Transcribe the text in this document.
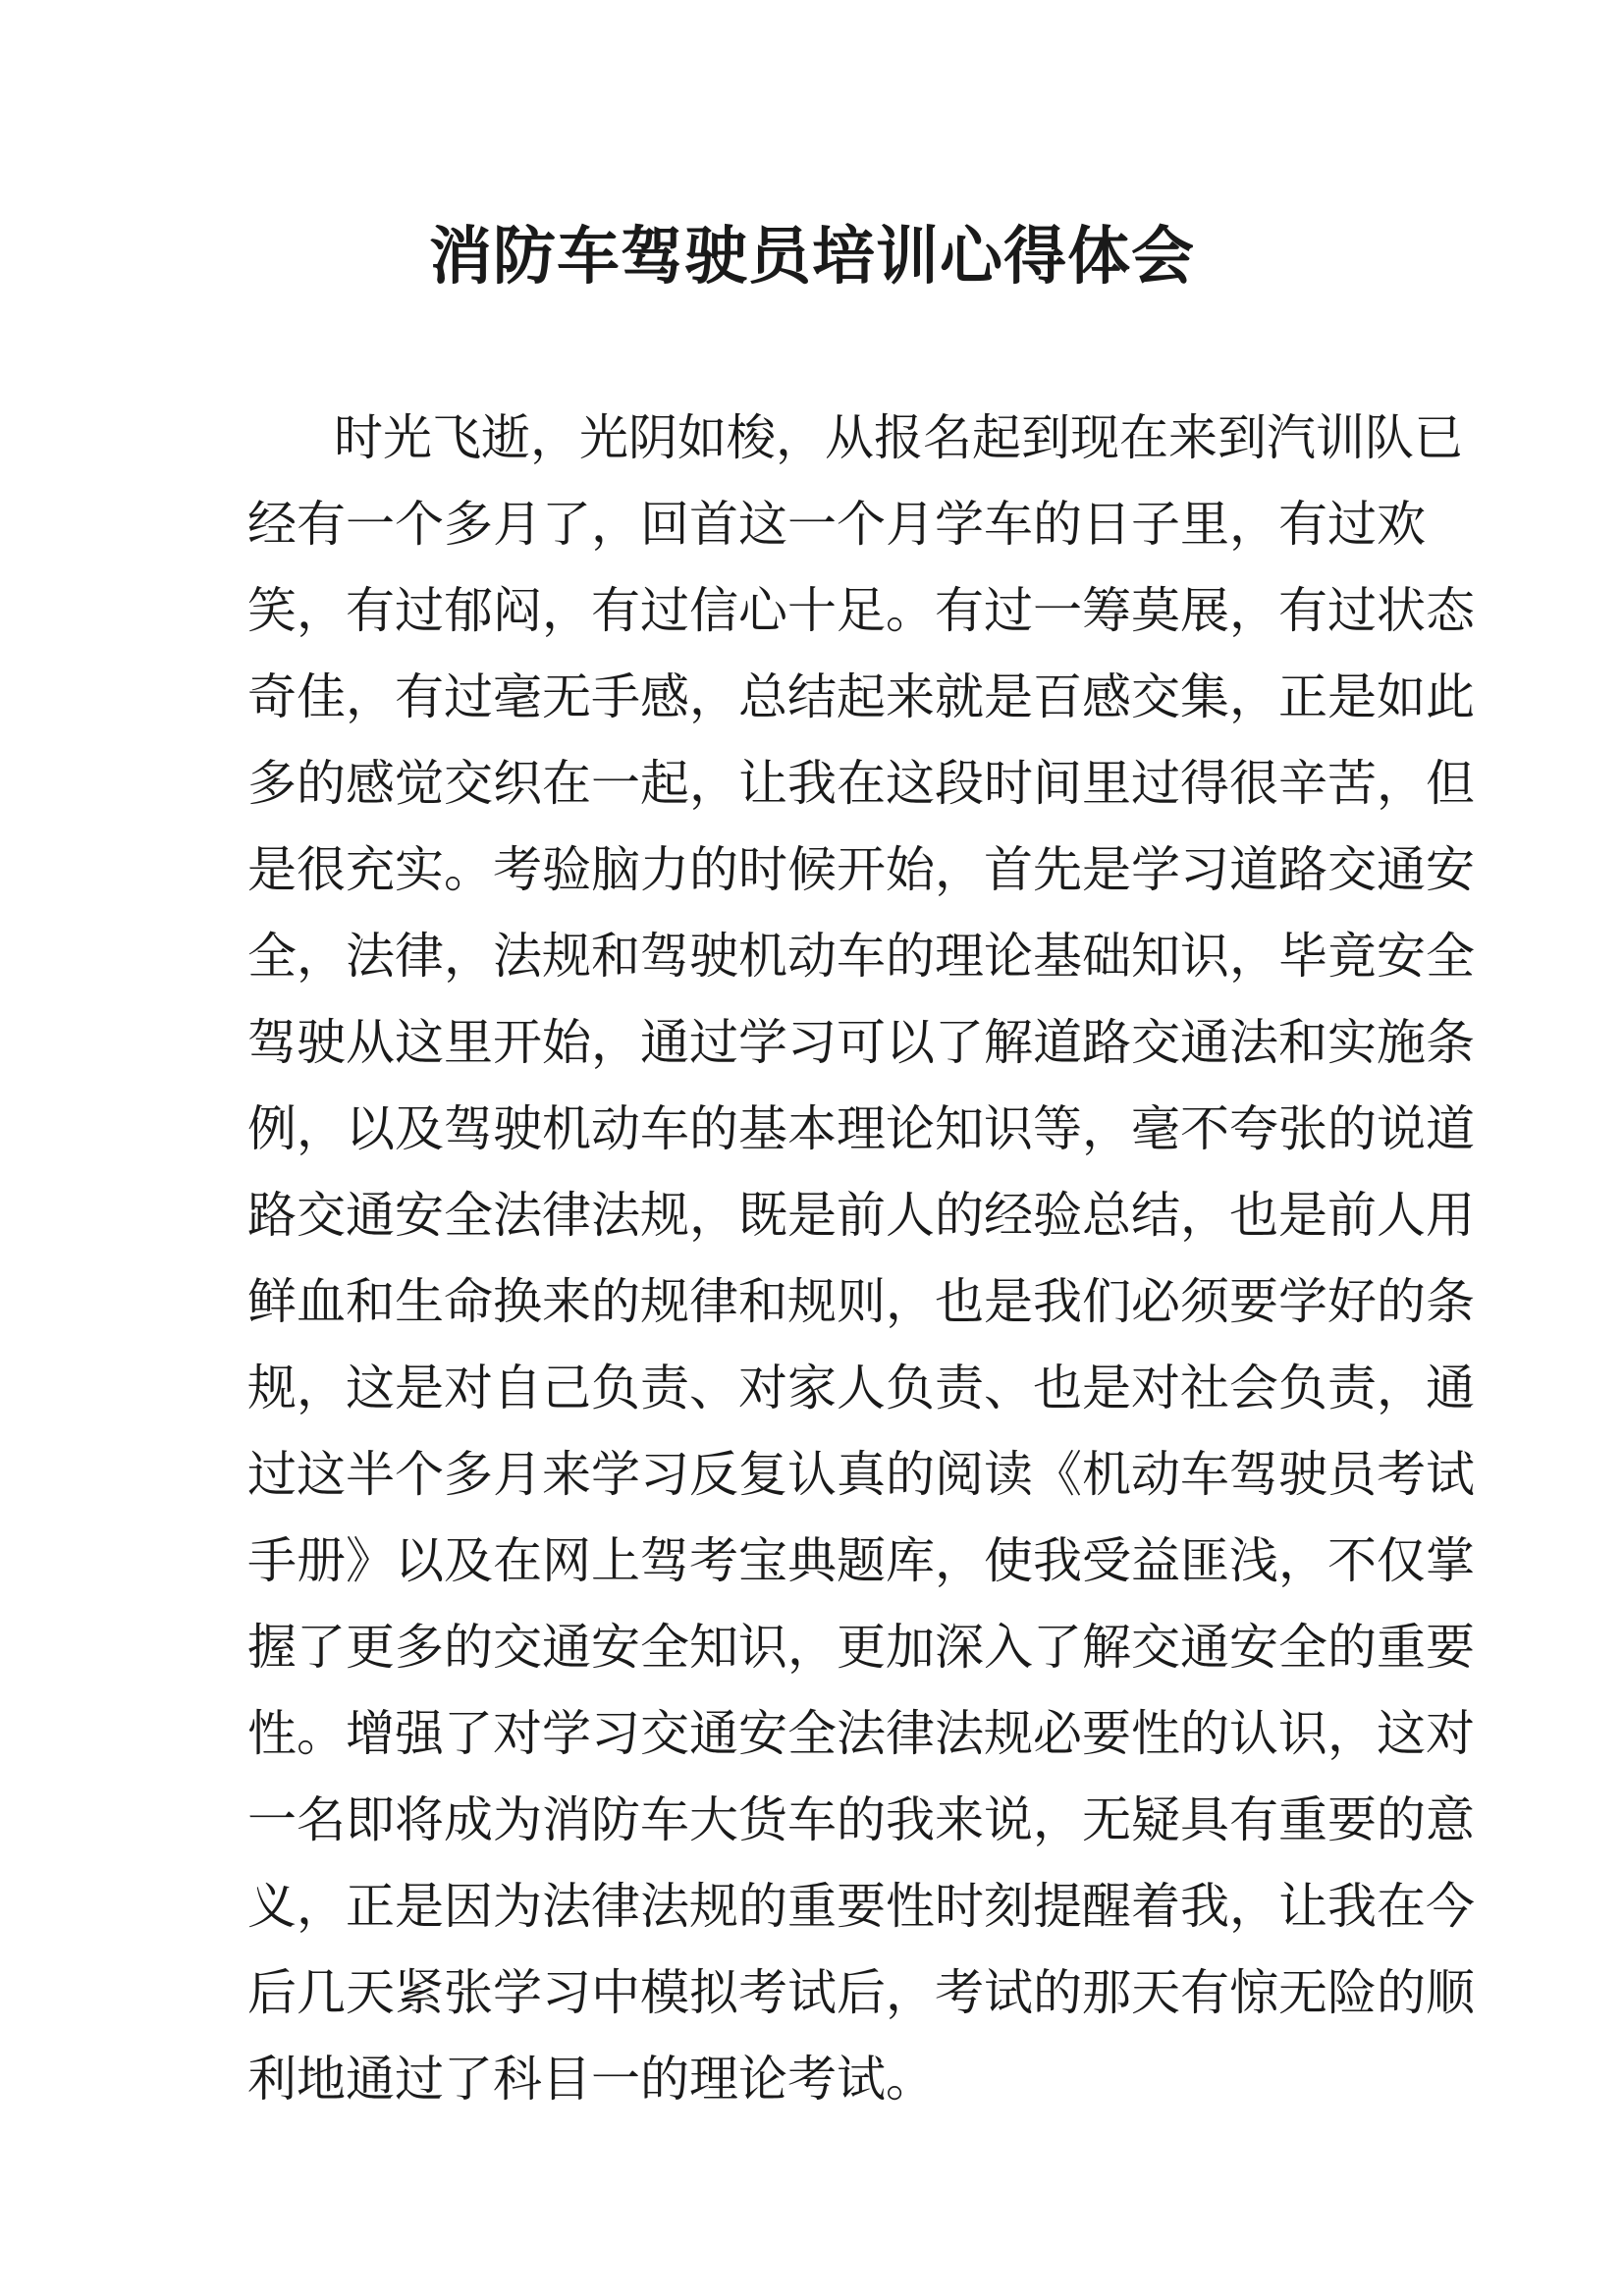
消防车驾驶员培训心得体会
时光飞逝，光阴如梭，从报名起到现在来到汽训队已
经有一个多月了，回首这一个月学车的日子里，有过欢
笑，有过郁闷，有过信心十足。有过一筹莫展，有过状态
奇佳，有过毫无手感，总结起来就是百感交集，正是如此
多的感觉交织在一起，让我在这段时间里过得很辛苦，但
是很充实。考验脑力的时候开始，首先是学习道路交通安
全，法律，法规和驾驶机动车的理论基础知识，毕竟安全
驾驶从这里开始，通过学习可以了解道路交通法和实施条
例，以及驾驶机动车的基本理论知识等，毫不夸张的说道
路交通安全法律法规，既是前人的经验总结，也是前人用
鲜血和生命换来的规律和规则，也是我们必须要学好的条
规，这是对自己负责、对家人负责、也是对社会负责，通
过这半个多月来学习反复认真的阅读《机动车驾驶员考试
手册》以及在网上驾考宝典题库，使我受益匪浅，不仅掌
握了更多的交通安全知识，更加深入了解交通安全的重要
性。增强了对学习交通安全法律法规必要性的认识，这对
一名即将成为消防车大货车的我来说，无疑具有重要的意
义，正是因为法律法规的重要性时刻提醒着我，让我在今
后几天紧张学习中模拟考试后，考试的那天有惊无险的顺
利地通过了科目一的理论考试。
